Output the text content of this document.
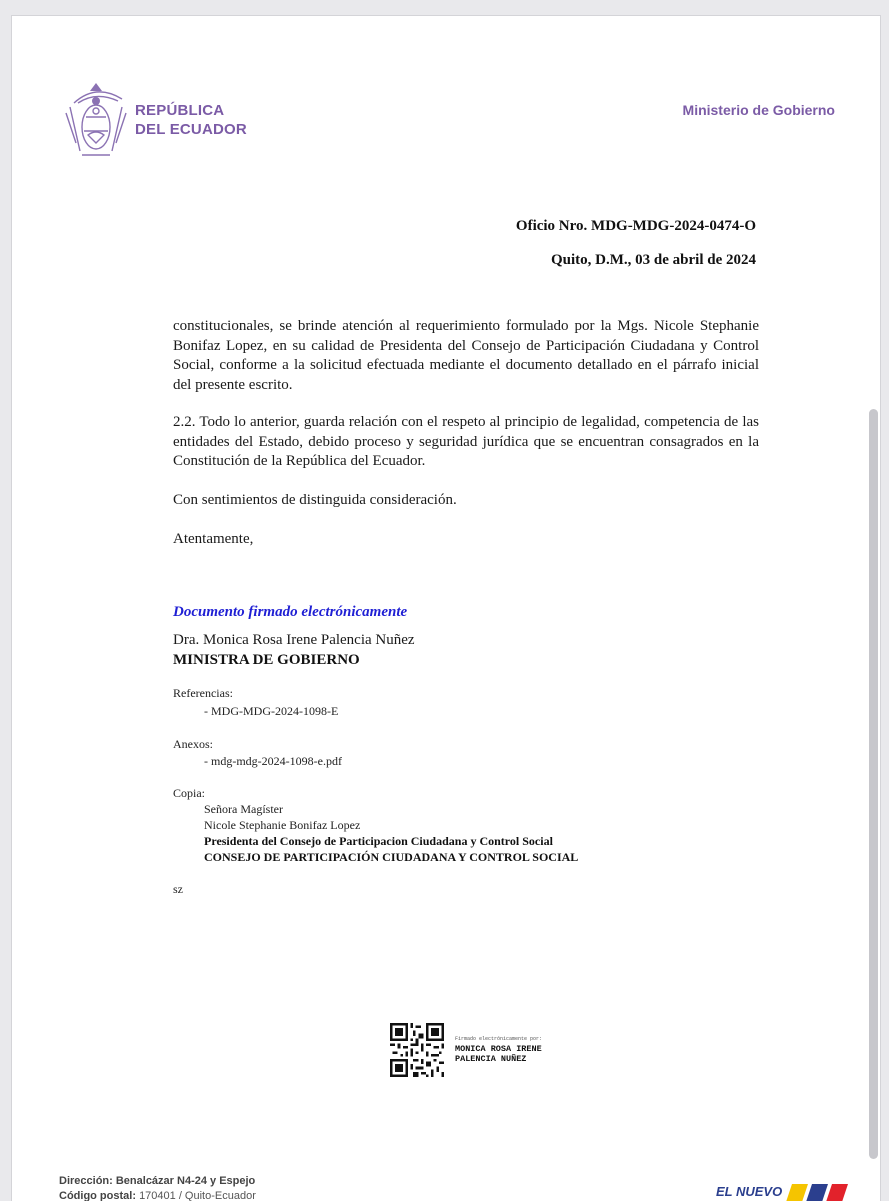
REPÚBLICA
DEL ECUADOR
Ministerio de Gobierno
Oficio Nro. MDG-MDG-2024-0474-O
Quito, D.M., 03 de abril de 2024
constitucionales, se brinde atención al requerimiento formulado por la Mgs. Nicole Stephanie Bonifaz Lopez, en su calidad de Presidenta del Consejo de Participación Ciudadana y Control Social, conforme a la solicitud efectuada mediante el documento detallado en el párrafo inicial del presente escrito.
2.2. Todo lo anterior, guarda relación con el respeto al principio de legalidad, competencia de las entidades del Estado, debido proceso y seguridad jurídica que se encuentran consagrados en la Constitución de la República del Ecuador.
Con sentimientos de distinguida consideración.
Atentamente,
Documento firmado electrónicamente
Dra. Monica Rosa Irene Palencia Nuñez
MINISTRA DE GOBIERNO
Referencias:
- MDG-MDG-2024-1098-E
Anexos:
- mdg-mdg-2024-1098-e.pdf
Copia:
Señora Magíster
Nicole Stephanie Bonifaz Lopez
Presidenta del Consejo de Participacion Ciudadana y Control Social
CONSEJO DE PARTICIPACIÓN CIUDADANA Y CONTROL SOCIAL
sz
Firmado electrónicamente por:
MONICA ROSA IRENE
PALENCIA NUÑEZ
Dirección: Benalcázar N4-24 y Espejo
Código postal: 170401 / Quito-Ecuador	EL NUEVO
